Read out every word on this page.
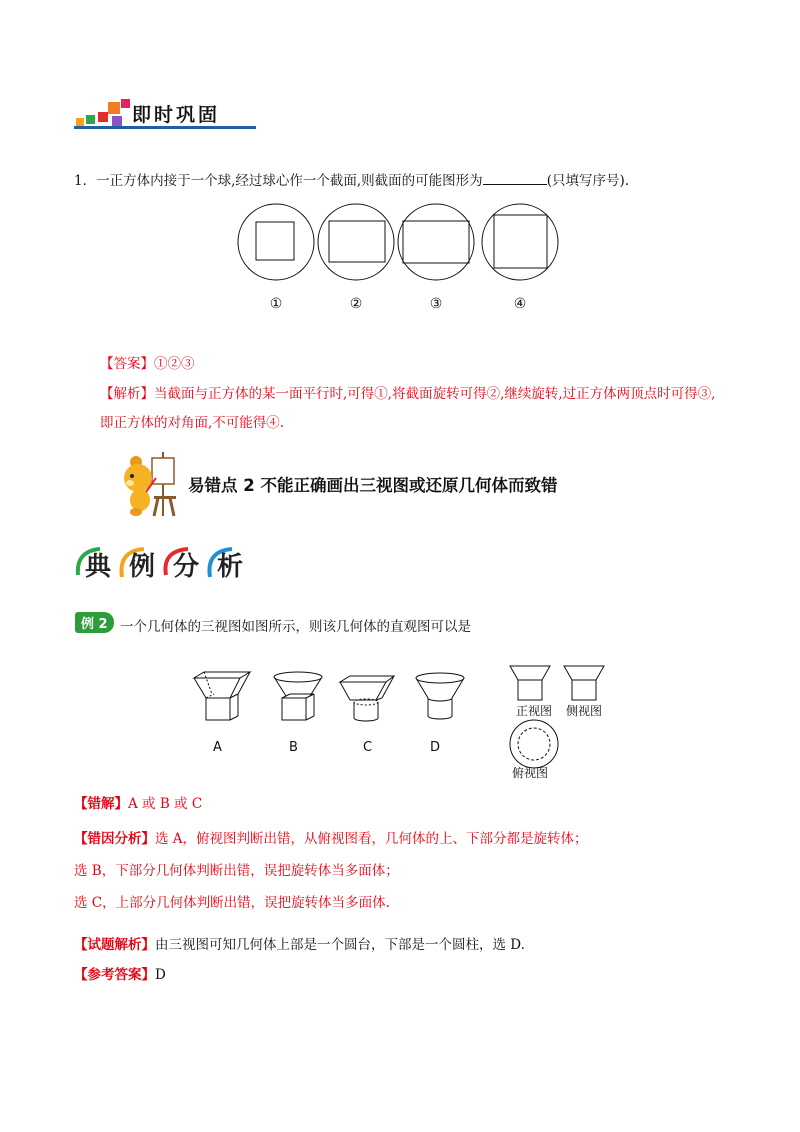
即时巩固
1．一正方体内接于一个球,经过球心作一个截面,则截面的可能图形为	(只填写序号).
①	②	③	④
【答案】①②③
【解析】当截面与正方体的某一面平行时,可得①,将截面旋转可得②,继续旋转,过正方体两顶点时可得③,
即正方体的对角面,不可能得④.
易错点 2 不能正确画出三视图或还原几何体而致错
典 例 分 析
例 2 一个几何体的三视图如图所示，则该几何体的直观图可以是
A	B	C	D
正视图 侧视图
俯视图
【错解】A 或 B 或 C
【错因分析】选 A，俯视图判断出错，从俯视图看，几何体的上、下部分都是旋转体；
选 B，下部分几何体判断出错，误把旋转体当多面体；
选 C，上部分几何体判断出错，误把旋转体当多面体.
【试题解析】由三视图可知几何体上部是一个圆台，下部是一个圆柱，选 D.
【参考答案】D
